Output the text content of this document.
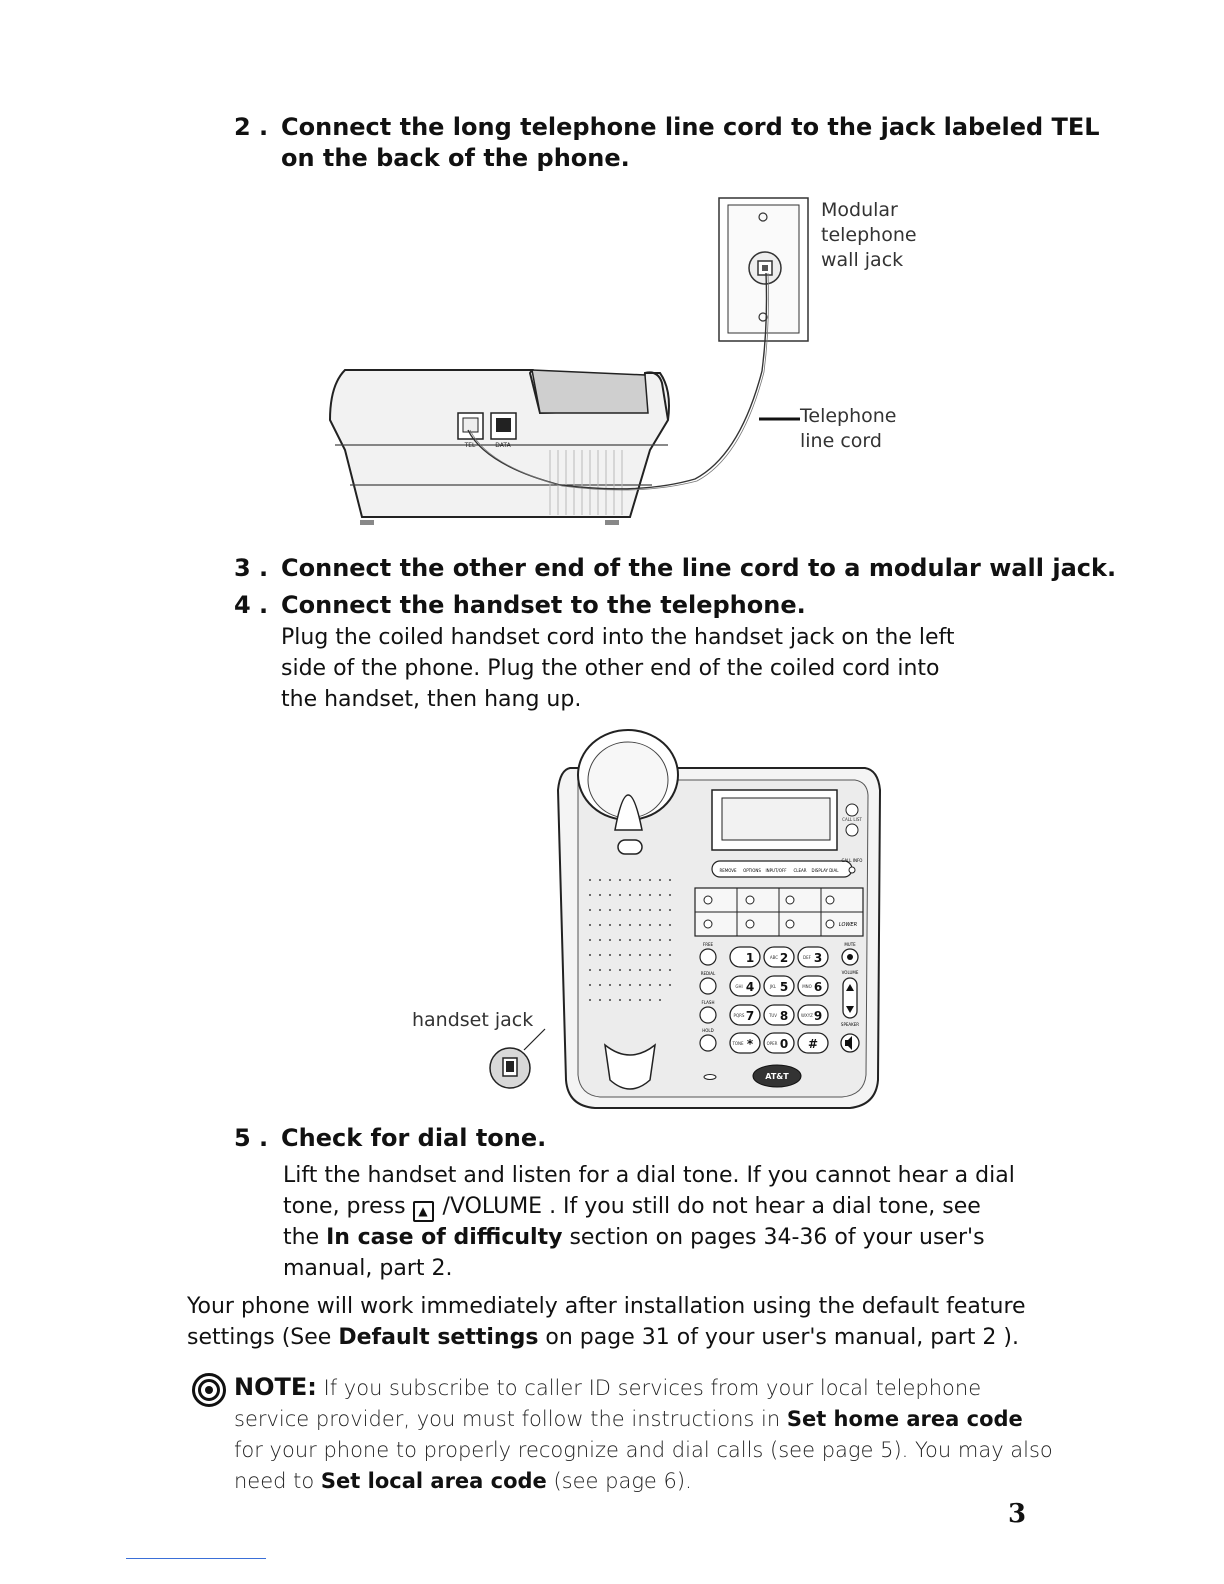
2 . Connect the long telephone line cord to the jack labeled TEL
on the back of the phone.
TEL	DATA
Modular
telephone
wall jack
Telephone
line cord
3 . Connect the other end of the line cord to a modular wall jack.
4 . Connect the handset to the telephone.
Plug the coiled handset cord into the handset jack on the left
side of the phone. Plug the other end of the coiled cord into
the handset, then hang up.
CALL LIST
REMOVE OPTIONS INPUT/OFF CLEAR DISPLAY DIAL
CALL INFO
LOWER
FREE
REDIAL
FLASH
HOLD
1 2 3
4 5 6
7 8 9
* 0 #
ABC	DEF
GHI	JKL	MNO
PQRS	TUV	WXYZ
TONE	OPER
MUTE
VOLUME
SPEAKER
AT&T
handset jack
5 . Check for dial tone.
Lift the handset and listen for a dial tone. If you cannot hear a dial
tone, press ▲ /VOLUME . If you still do not hear a dial tone, see
the In case of difficulty section on pages 34-36 of your user's
manual, part 2.
Your phone will work immediately after installation using the default feature
settings (See Default settings on page 31 of your user's manual, part 2 ).
NOTE: If you subscribe to caller ID services from your local telephone
service provider, you must follow the instructions in Set home area code
for your phone to properly recognize and dial calls (see page 5). You may also
need to Set local area code (see page 6).
3
